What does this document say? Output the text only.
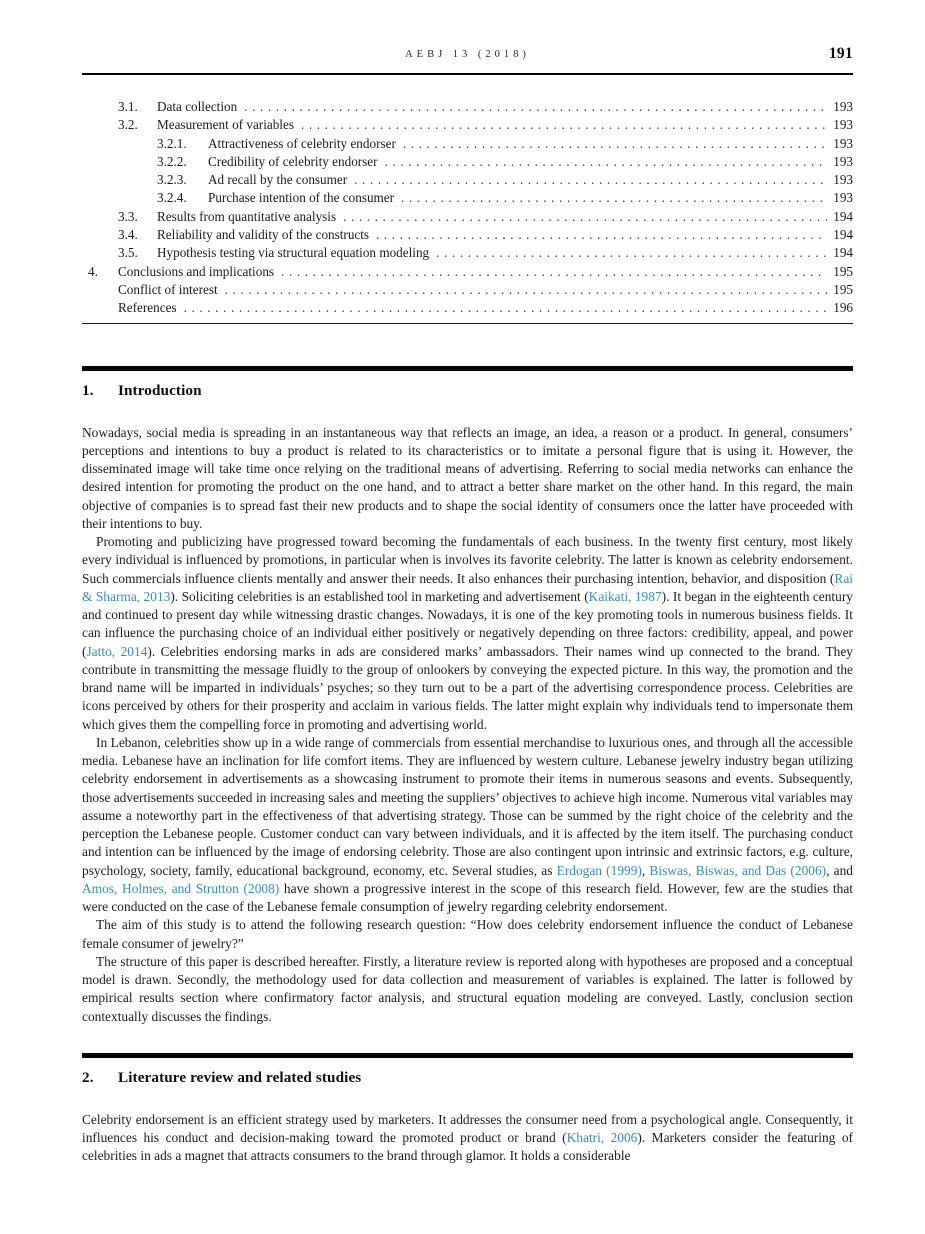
AEBJ 13 (2018)	191
3.1.	Data collection .....	193
3.2.	Measurement of variables .....	193
3.2.1.	Attractiveness of celebrity endorser .....	193
3.2.2.	Credibility of celebrity endorser .....	193
3.2.3.	Ad recall by the consumer .....	193
3.2.4.	Purchase intention of the consumer .....	193
3.3.	Results from quantitative analysis .....	194
3.4.	Reliability and validity of the constructs .....	194
3.5.	Hypothesis testing via structural equation modeling .....	194
4.	Conclusions and implications .....	195
Conflict of interest .....	195
References .....	196
1.	Introduction

Nowadays, social media is spreading in an instantaneous way that reflects an image, an idea, a reason or a product. In general, consumers’ perceptions and intentions to buy a product is related to its characteristics or to imitate a personal figure that is using it. However, the disseminated image will take time once relying on the traditional means of advertising. Referring to social media networks can enhance the desired intention for promoting the product on the one hand, and to attract a better share market on the other hand. In this regard, the main objective of companies is to spread fast their new products and to shape the social identity of consumers once the latter have proceeded with their intentions to buy.

Promoting and publicizing have progressed toward becoming the fundamentals of each business. In the twenty first century, most likely every individual is influenced by promotions, in particular when is involves its favorite celebrity. The latter is known as celebrity endorsement. Such commercials influence clients mentally and answer their needs. It also enhances their purchasing intention, behavior, and disposition (Rai & Sharma, 2013). Soliciting celebrities is an established tool in marketing and advertisement (Kaikati, 1987). It began in the eighteenth century and continued to present day while witnessing drastic changes. Nowadays, it is one of the key promoting tools in numerous business fields. It can influence the purchasing choice of an individual either positively or negatively depending on three factors: credibility, appeal, and power (Jatto, 2014). Celebrities endorsing marks in ads are considered marks’ ambassadors. Their names wind up connected to the brand. They contribute in transmitting the message fluidly to the group of onlookers by conveying the expected picture. In this way, the promotion and the brand name will be imparted in individuals’ psyches; so they turn out to be a part of the advertising correspondence process. Celebrities are icons perceived by others for their prosperity and acclaim in various fields. The latter might explain why individuals tend to impersonate them which gives them the compelling force in promoting and advertising world.

In Lebanon, celebrities show up in a wide range of commercials from essential merchandise to luxurious ones, and through all the accessible media. Lebanese have an inclination for life comfort items. They are influenced by western culture. Lebanese jewelry industry began utilizing celebrity endorsement in advertisements as a showcasing instrument to promote their items in numerous seasons and events. Subsequently, those advertisements succeeded in increasing sales and meeting the suppliers’ objectives to achieve high income. Numerous vital variables may assume a noteworthy part in the effectiveness of that advertising strategy. Those can be summed by the right choice of the celebrity and the perception the Lebanese people. Customer conduct can vary between individuals, and it is affected by the item itself. The purchasing conduct and intention can be influenced by the image of endorsing celebrity. Those are also contingent upon intrinsic and extrinsic factors, e.g. culture, psychology, society, family, educational background, economy, etc. Several studies, as Erdogan (1999), Biswas, Biswas, and Das (2006), and Amos, Holmes, and Strutton (2008) have shown a progressive interest in the scope of this research field. However, few are the studies that were conducted on the case of the Lebanese female consumption of jewelry regarding celebrity endorsement.

The aim of this study is to attend the following research question: “How does celebrity endorsement influence the conduct of Lebanese female consumer of jewelry?”

The structure of this paper is described hereafter. Firstly, a literature review is reported along with hypotheses are proposed and a conceptual model is drawn. Secondly, the methodology used for data collection and measurement of variables is explained. The latter is followed by empirical results section where confirmatory factor analysis, and structural equation modeling are conveyed. Lastly, conclusion section contextually discusses the findings.

2.	Literature review and related studies

Celebrity endorsement is an efficient strategy used by marketers. It addresses the consumer need from a psychological angle. Consequently, it influences his conduct and decision-making toward the promoted product or brand (Khatri, 2006). Marketers consider the featuring of celebrities in ads a magnet that attracts consumers to the brand through glamor. It holds a considerable
